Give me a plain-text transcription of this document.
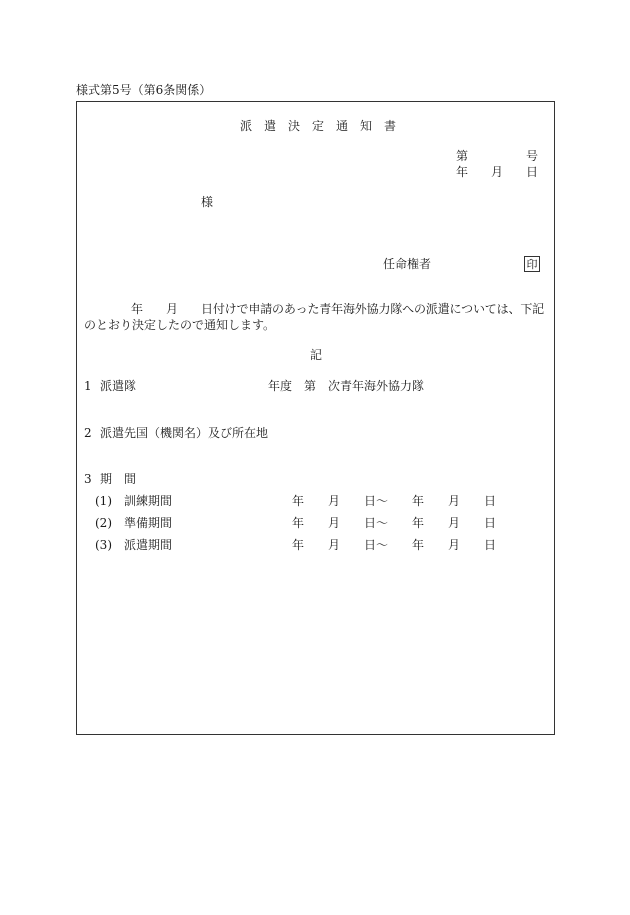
様式第5号（第6条関係）
派　遣　決　定　通　知　書
第	号
年 月 日
様
任命権者	印
年 月 日付けで申請のあった青年海外協力隊への派遣については、下記
のとおり決定したので通知します。
記
1 派遣隊	年度 第 次青年海外協力隊
2 派遣先国（機関名）及び所在地
3 期　間
(1) 訓練期間	年 月 日～ 年 月 日
(2) 準備期間	年 月 日～ 年 月 日
(3) 派遣期間	年 月 日～ 年 月 日
